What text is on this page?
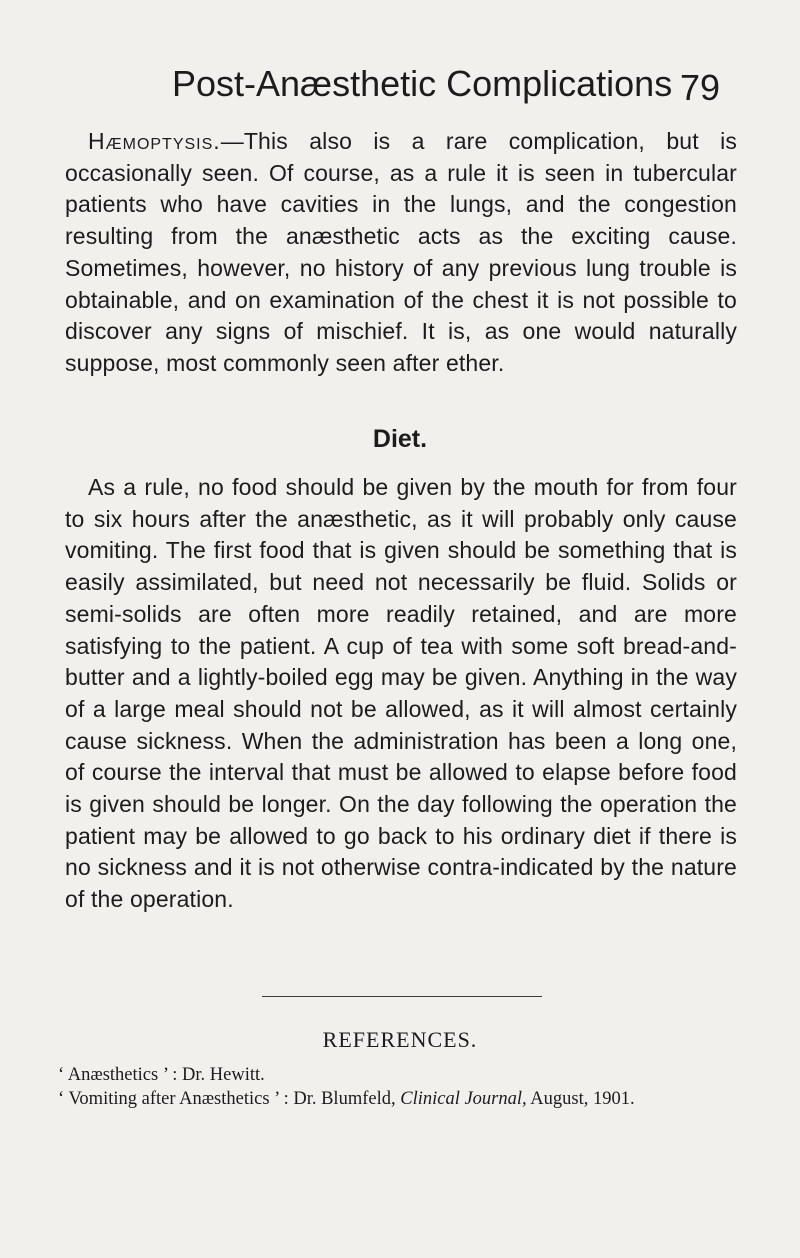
Post-Anæsthetic Complications 79

Hæmoptysis.—This also is a rare complication, but is occasionally seen. Of course, as a rule it is seen in tubercular patients who have cavities in the lungs, and the congestion resulting from the anæsthetic acts as the exciting cause. Sometimes, however, no history of any previous lung trouble is obtainable, and on examination of the chest it is not possible to discover any signs of mischief. It is, as one would naturally suppose, most commonly seen after ether.

Diet.

As a rule, no food should be given by the mouth for from four to six hours after the anæsthetic, as it will probably only cause vomiting. The first food that is given should be something that is easily assimilated, but need not necessarily be fluid. Solids or semi-solids are often more readily retained, and are more satisfying to the patient. A cup of tea with some soft bread-and-butter and a lightly-boiled egg may be given. Anything in the way of a large meal should not be allowed, as it will almost certainly cause sickness. When the administration has been a long one, of course the interval that must be allowed to elapse before food is given should be longer. On the day following the operation the patient may be allowed to go back to his ordinary diet if there is no sickness and it is not otherwise contra-indicated by the nature of the operation.

REFERENCES.

‘ Anæsthetics ’ : Dr. Hewitt.

‘ Vomiting after Anæsthetics ’ : Dr. Blumfeld, Clinical Journal, August, 1901.
